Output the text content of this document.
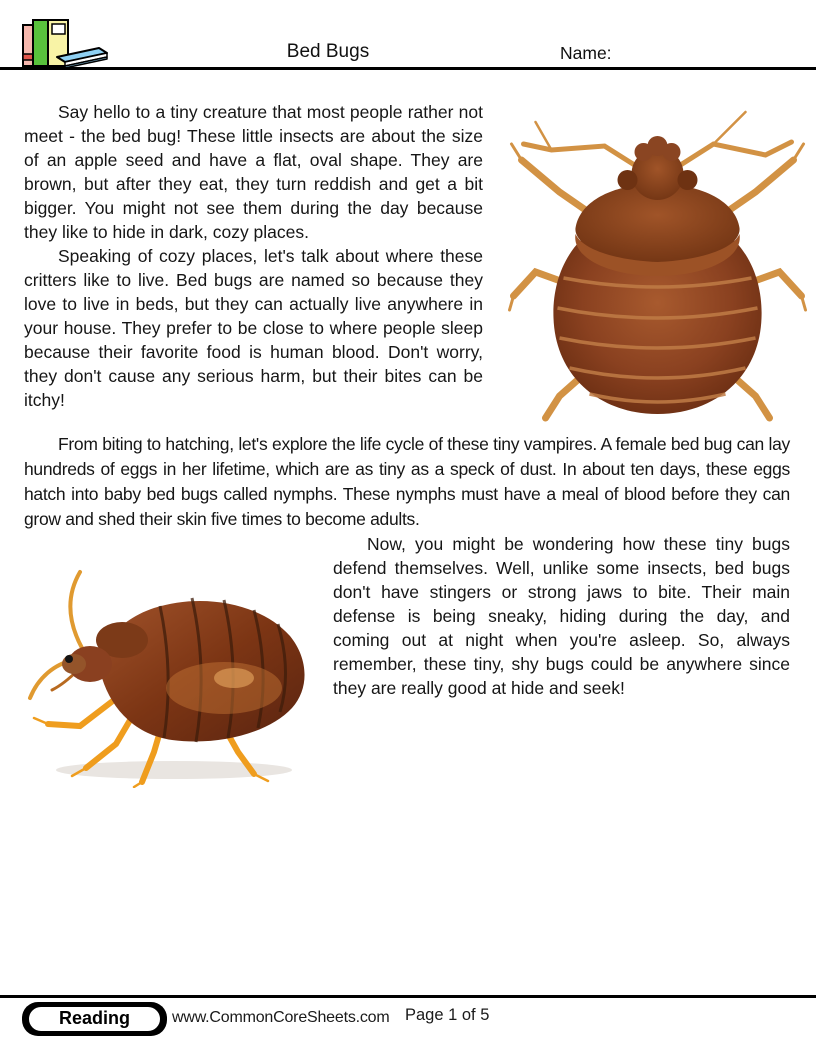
Bed Bugs	Name:

Say hello to a tiny creature that most people rather not meet - the bed bug! These little insects are about the size of an apple seed and have a flat, oval shape. They are brown, but after they eat, they turn reddish and get a bit bigger. You might not see them during the day because they like to hide in dark, cozy places.

Speaking of cozy places, let's talk about where these critters like to live. Bed bugs are named so because they love to live in beds, but they can actually live anywhere in your house. They prefer to be close to where people sleep because their favorite food is human blood. Don't worry, they don't cause any serious harm, but their bites can be itchy!

From biting to hatching, let's explore the life cycle of these tiny vampires. A female bed bug can lay hundreds of eggs in her lifetime, which are as tiny as a speck of dust. In about ten days, these eggs hatch into baby bed bugs called nymphs. These nymphs must have a meal of blood before they can grow and shed their skin five times to become adults.

Now, you might be wondering how these tiny bugs defend themselves. Well, unlike some insects, bed bugs don't have stingers or strong jaws to bite. Their main defense is being sneaky, hiding during the day, and coming out at night when you're asleep. So, always remember, these tiny, shy bugs could be anywhere since they are really good at hide and seek!

Reading	www.CommonCoreSheets.com Page 1 of 5
